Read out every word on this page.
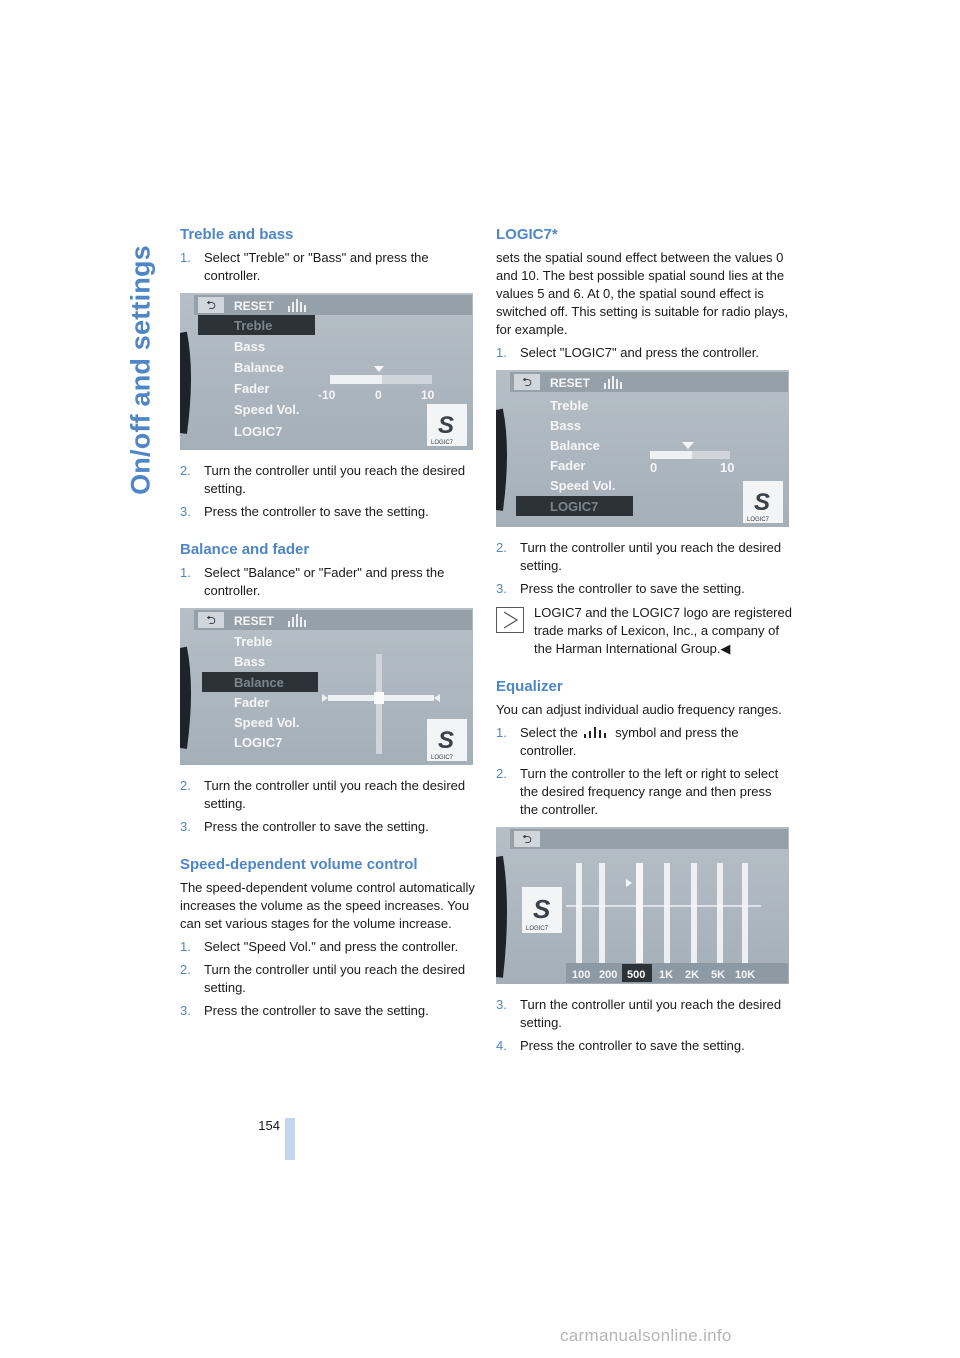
On/off and settings
Treble and bass
1. Select "Treble" or "Bass" and press the controller.
⮌ RESET
Treble
Bass
Balance
Fader
Speed Vol.
LOGIC7
-10	0	10
S
LOGIC7
2. Turn the controller until you reach the desired setting.
3. Press the controller to save the setting.
Balance and fader
1. Select "Balance" or "Fader" and press the controller.
⮌ RESET
Treble
Bass
Balance
Fader
Speed Vol.
LOGIC7	S
LOGIC7
2. Turn the controller until you reach the desired setting.
3. Press the controller to save the setting.
Speed-dependent volume control

The speed-dependent volume control automatically increases the volume as the speed increases. You can set various stages for the volume increase.

1. Select "Speed Vol." and press the controller.
2. Turn the controller until you reach the desired setting.
3. Press the controller to save the setting.
LOGIC7*

sets the spatial sound effect between the values 0 and 10. The best possible spatial sound lies at the values 5 and 6. At 0, the spatial sound effect is switched off. This setting is suitable for radio plays, for example.

1. Select "LOGIC7" and press the controller.
⮌ RESET
Treble
Bass
Balance
Fader
Speed Vol.
LOGIC7
0	10
S
LOGIC7
2. Turn the controller until you reach the desired setting.
3. Press the controller to save the setting.
LOGIC7 and the LOGIC7 logo are registered trade marks of Lexicon, Inc., a company of the Harman International Group.◀
Equalizer

You can adjust individual audio frequency ranges.

1. Select the	symbol and press the controller.
2. Turn the controller to the left or right to select the desired frequency range and then press the controller.
⮌
S
LOGIC7
100 200 500 1K 2K 5K 10K
3. Turn the controller until you reach the desired setting.
4. Press the controller to save the setting.
154
carmanualsonline.info
